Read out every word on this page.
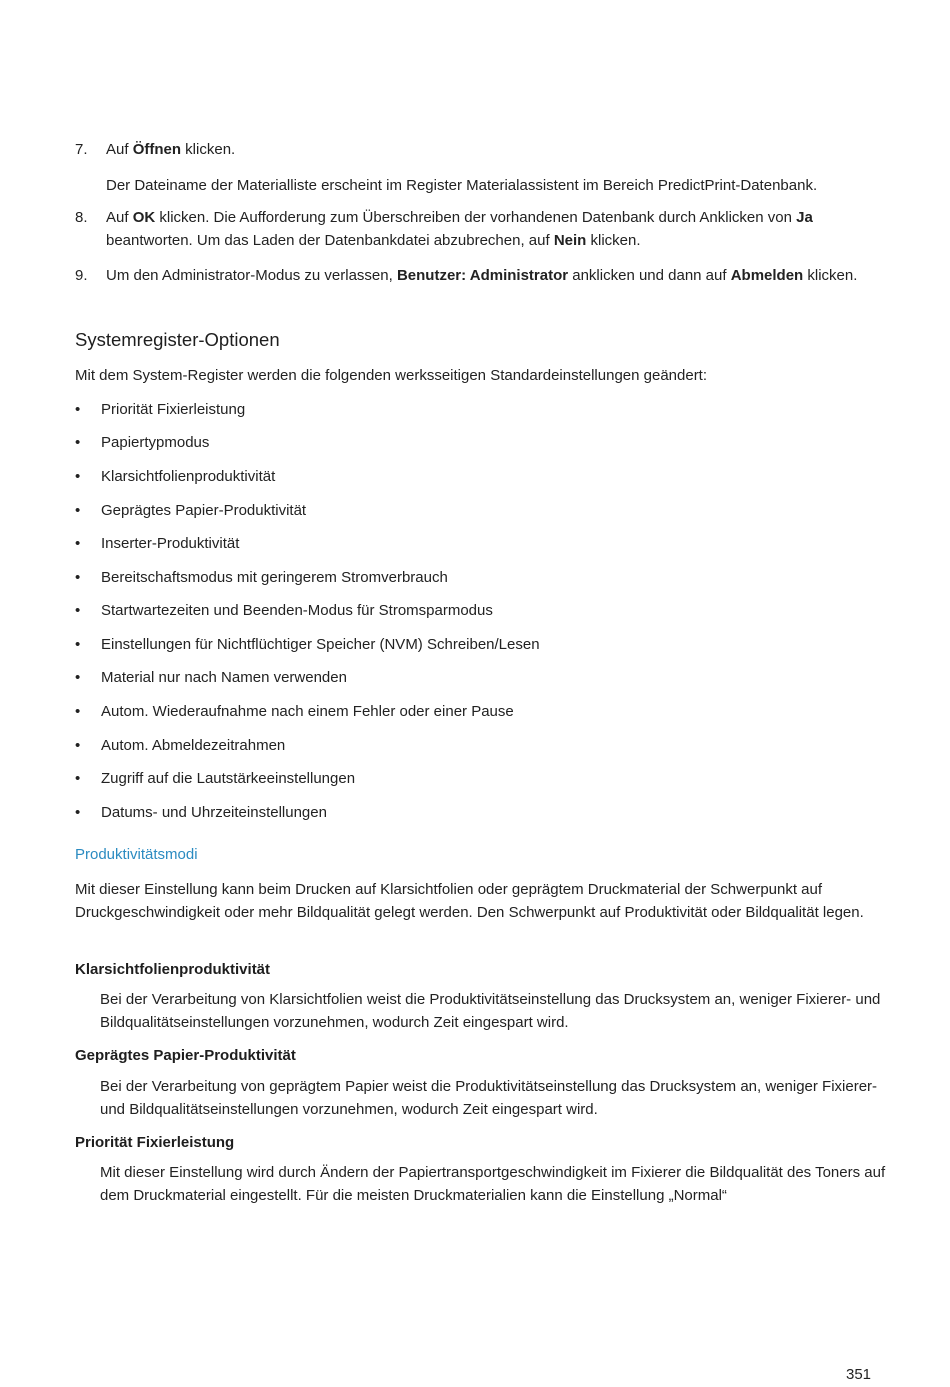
7.	Auf Öffnen klicken.
Der Dateiname der Materialliste erscheint im Register Materialassistent im Bereich PredictPrint-Datenbank.
8.	Auf OK klicken. Die Aufforderung zum Überschreiben der vorhandenen Datenbank durch Anklicken von Ja beantworten. Um das Laden der Datenbankdatei abzubrechen, auf Nein klicken.
9.	Um den Administrator-Modus zu verlassen, Benutzer: Administrator anklicken und dann auf Abmelden klicken.
Systemregister-Optionen
Mit dem System-Register werden die folgenden werksseitigen Standardeinstellungen geändert:
•	Priorität Fixierleistung
•	Papiertypmodus
•	Klarsichtfolienproduktivität
•	Geprägtes Papier-Produktivität
•	Inserter-Produktivität
•	Bereitschaftsmodus mit geringerem Stromverbrauch
•	Startwartezeiten und Beenden-Modus für Stromsparmodus
•	Einstellungen für Nichtflüchtiger Speicher (NVM) Schreiben/Lesen
•	Material nur nach Namen verwenden
•	Autom. Wiederaufnahme nach einem Fehler oder einer Pause
•	Autom. Abmeldezeitrahmen
•	Zugriff auf die Lautstärkeeinstellungen
•	Datums- und Uhrzeiteinstellungen
Produktivitätsmodi
Mit dieser Einstellung kann beim Drucken auf Klarsichtfolien oder geprägtem Druckmaterial der Schwerpunkt auf Druckgeschwindigkeit oder mehr Bildqualität gelegt werden. Den Schwerpunkt auf Produktivität oder Bildqualität legen.
Klarsichtfolienproduktivität
Bei der Verarbeitung von Klarsichtfolien weist die Produktivitätseinstellung das Drucksystem an, weniger Fixierer- und Bildqualitätseinstellungen vorzunehmen, wodurch Zeit eingespart wird.
Geprägtes Papier-Produktivität
Bei der Verarbeitung von geprägtem Papier weist die Produktivitätseinstellung das Drucksystem an, weniger Fixierer- und Bildqualitätseinstellungen vorzunehmen, wodurch Zeit eingespart wird.
Priorität Fixierleistung
Mit dieser Einstellung wird durch Ändern der Papiertransportgeschwindigkeit im Fixierer die Bildqualität des Toners auf dem Druckmaterial eingestellt. Für die meisten Druckmaterialien kann die Einstellung „Normal“
351
